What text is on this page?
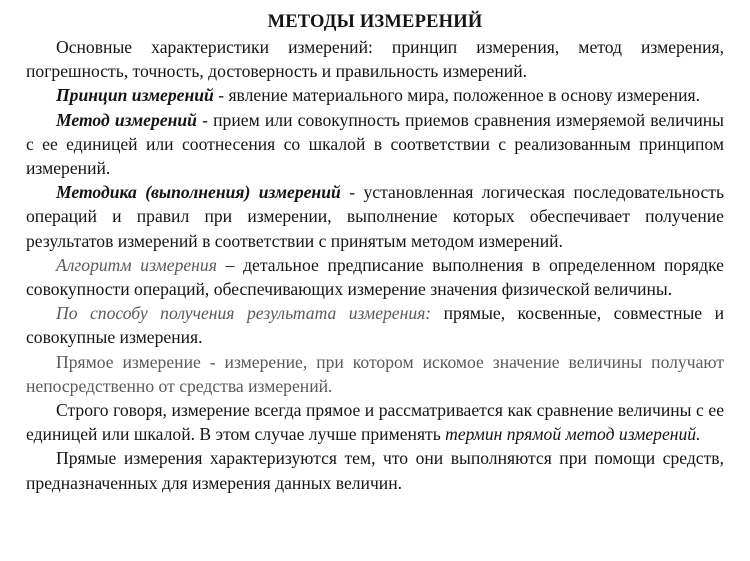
МЕТОДЫ ИЗМЕРЕНИЙ

Основные характеристики измерений: принцип измерения, метод измерения, погрешность, точность, достоверность и правильность измерений.

Принцип измерений - явление материального мира, положенное в основу измерения.

Метод измерений - прием или совокупность приемов сравнения измеряемой величины с ее единицей или соотнесения со шкалой в соответствии с реализованным принципом измерений.

Методика (выполнения) измерений - установленная логическая последовательность операций и правил при измерении, выполнение которых обеспечивает получение результатов измерений в соответствии с принятым методом измерений.

Алгоритм измерения – детальное предписание выполнения в определенном порядке совокупности операций, обеспечивающих измерение значения физической величины.

По способу получения результата измерения: прямые, косвенные, совместные и совокупные измерения.

Прямое измерение - измерение, при котором искомое значение величины получают непосредственно от средства измерений.

Строго говоря, измерение всегда прямое и рассматривается как сравнение величины с ее единицей или шкалой. В этом случае лучше применять термин прямой метод измерений.

Прямые измерения характеризуются тем, что они выполняются при помощи средств, предназначенных для измерения данных величин.
